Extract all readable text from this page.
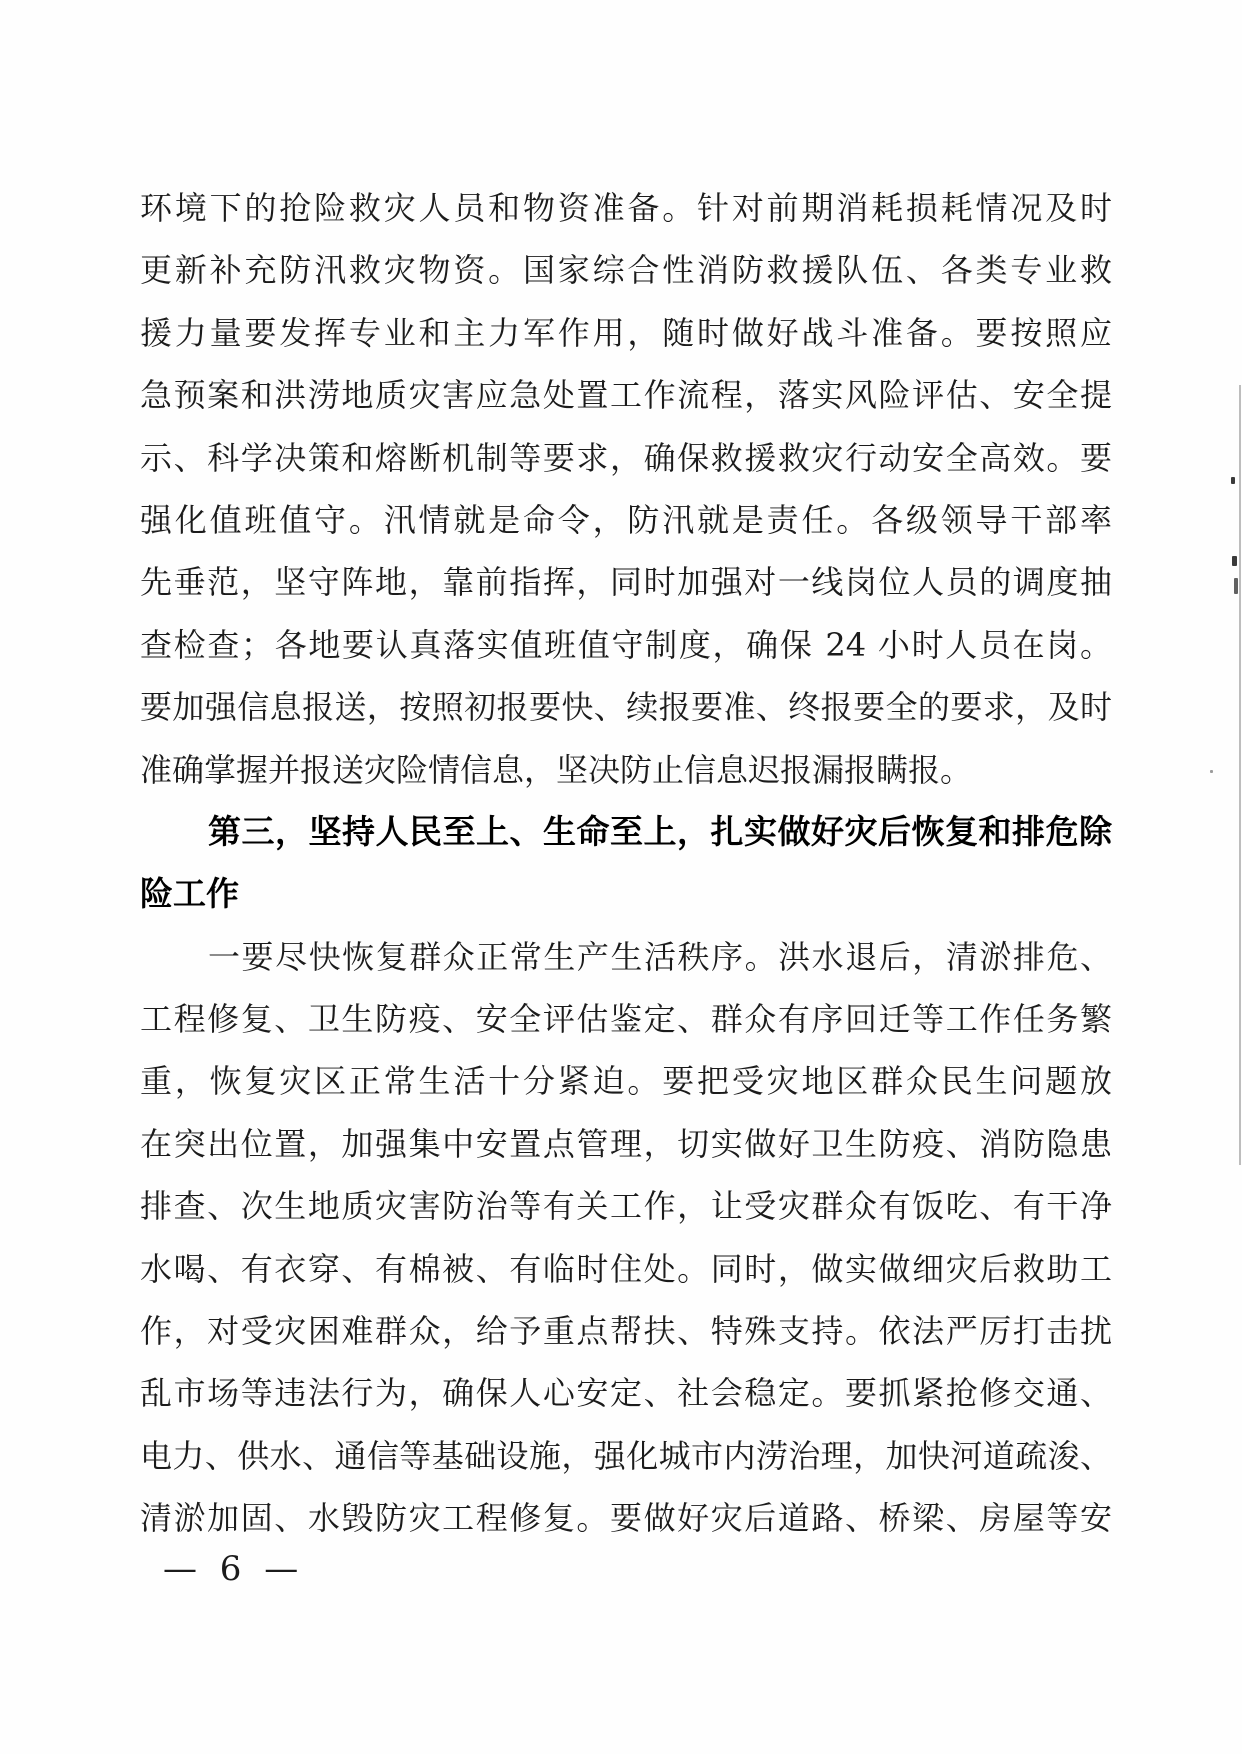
环境下的抢险救灾人员和物资准备。针对前期消耗损耗情况及时
更新补充防汛救灾物资。国家综合性消防救援队伍、各类专业救
援力量要发挥专业和主力军作用，随时做好战斗准备。要按照应
急预案和洪涝地质灾害应急处置工作流程，落实风险评估、安全提
示、科学决策和熔断机制等要求，确保救援救灾行动安全高效。要
强化值班值守。汛情就是命令，防汛就是责任。各级领导干部率
先垂范，坚守阵地，靠前指挥，同时加强对一线岗位人员的调度抽
查检查；各地要认真落实值班值守制度，确保 24 小时人员在岗。
要加强信息报送，按照初报要快、续报要准、终报要全的要求，及时
准确掌握并报送灾险情信息，坚决防止信息迟报漏报瞒报。
第三，坚持人民至上、生命至上，扎实做好灾后恢复和排危除
险工作
一要尽快恢复群众正常生产生活秩序。洪水退后，清淤排危、
工程修复、卫生防疫、安全评估鉴定、群众有序回迁等工作任务繁
重，恢复灾区正常生活十分紧迫。要把受灾地区群众民生问题放
在突出位置，加强集中安置点管理，切实做好卫生防疫、消防隐患
排查、次生地质灾害防治等有关工作，让受灾群众有饭吃、有干净
水喝、有衣穿、有棉被、有临时住处。同时，做实做细灾后救助工
作，对受灾困难群众，给予重点帮扶、特殊支持。依法严厉打击扰
乱市场等违法行为，确保人心安定、社会稳定。要抓紧抢修交通、
电力、供水、通信等基础设施，强化城市内涝治理，加快河道疏浚、
清淤加固、水毁防灾工程修复。要做好灾后道路、桥梁、房屋等安
— 6 —
